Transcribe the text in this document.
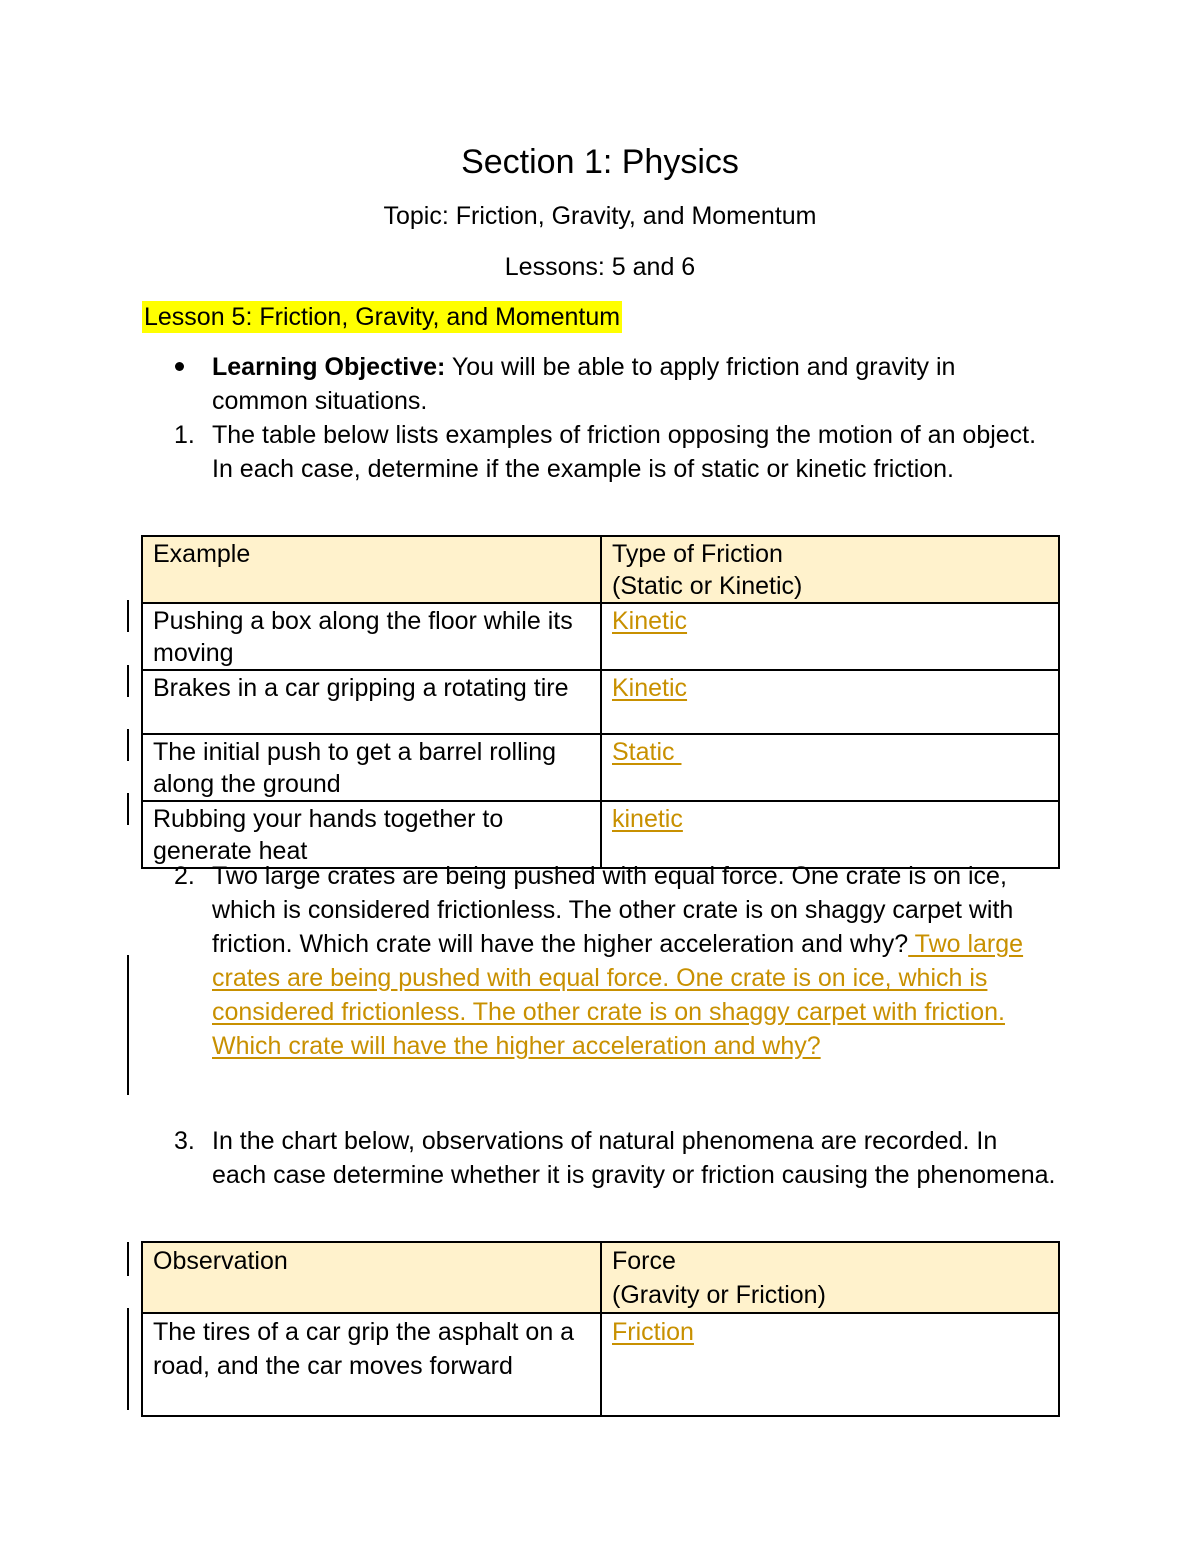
Section 1: Physics
Topic: Friction, Gravity, and Momentum
Lessons: 5 and 6
Lesson 5: Friction, Gravity, and Momentum
Learning Objective: You will be able to apply friction and gravity in common situations.
1. The table below lists examples of friction opposing the motion of an object. In each case, determine if the example is of static or kinetic friction.
Example	Type of Friction
(Static or Kinetic)
Pushing a box along the floor while its moving	Kinetic
Brakes in a car gripping a rotating tire	Kinetic
The initial push to get a barrel rolling along the ground	Static
Rubbing your hands together to generate heat	kinetic
2. Two large crates are being pushed with equal force. One crate is on ice, which is considered frictionless. The other crate is on shaggy carpet with friction. Which crate will have the higher acceleration and why? Two large crates are being pushed with equal force. One crate is on ice, which is considered frictionless. The other crate is on shaggy carpet with friction. Which crate will have the higher acceleration and why?
3. In the chart below, observations of natural phenomena are recorded. In each case determine whether it is gravity or friction causing the phenomena.
Observation	Force
(Gravity or Friction)
The tires of a car grip the asphalt on a road, and the car moves forward	Friction
